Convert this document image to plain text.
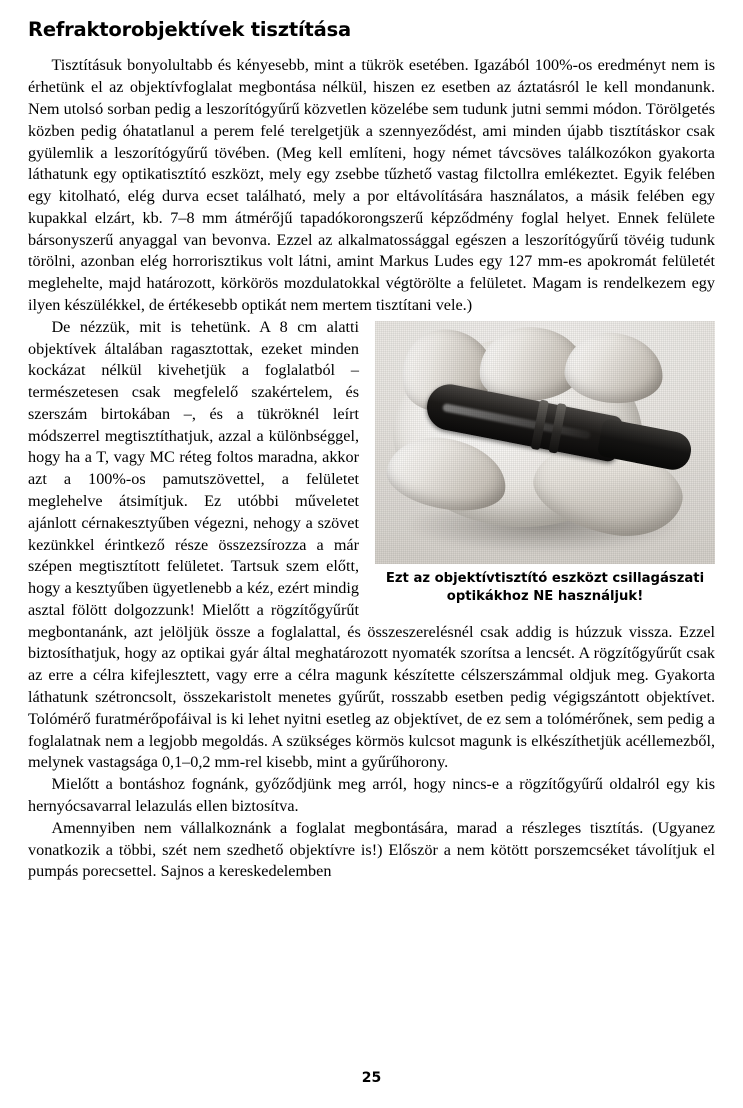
Refraktorobjektívek tisztítása

Tisztításuk bonyolultabb és kényesebb, mint a tükrök esetében. Igazából 100%-os eredményt nem is érhetünk el az objektívfoglalat megbontása nélkül, hiszen ez esetben az áztatásról le kell mondanunk. Nem utolsó sorban pedig a leszorítógyűrű közvetlen közelébe sem tudunk jutni semmi módon. Törölgetés közben pedig óhatatlanul a perem felé terelgetjük a szennyeződést, ami minden újabb tisztításkor csak gyülemlik a leszorítógyűrű tövében. (Meg kell említeni, hogy német távcsöves találkozókon gyakorta láthatunk egy optikatisztító eszközt, mely egy zsebbe tűzhető vastag filctollra emlékeztet. Egyik felében egy kitolható, elég durva ecset található, mely a por eltávolítására használatos, a másik felében egy kupakkal elzárt, kb. 7–8 mm átmérőjű tapadókorongszerű képződmény foglal helyet. Ennek felülete bársonyszerű anyaggal van bevonva. Ezzel az alkalmatossággal egészen a leszorítógyűrű tövéig tudunk törölni, azonban elég horrorisztikus volt látni, amint Markus Ludes egy 127 mm-es apokromát felületét meglehelte, majd határozott, körkörös mozdulatokkal végtörölte a felületet. Magam is rendelkezem egy ilyen készülékkel, de értékesebb optikát nem mertem tisztítani vele.)

Ezt az objektívtisztító eszközt csillagászati
optikákhoz NE használjuk!

De nézzük, mit is tehetünk. A 8 cm alatti objektívek általában ragasztottak, ezeket minden kockázat nélkül kivehetjük a foglalatból – természetesen csak megfelelő szakértelem, és szerszám birtokában –, és a tükröknél leírt módszerrel megtisztíthatjuk, azzal a különbséggel, hogy ha a T, vagy MC réteg foltos maradna, akkor azt a 100%-os pamutszövettel, a felületet meglehelve átsimítjuk. Ez utóbbi műveletet ajánlott cérnakesztyűben végezni, nehogy a szövet kezünkkel érintkező része összezsírozza a már szépen megtisztított felületet. Tartsuk szem előtt, hogy a kesztyűben ügyetlenebb a kéz, ezért mindig asztal fölött dolgozzunk! Mielőtt a rögzítőgyűrűt megbontanánk, azt jelöljük össze a foglalattal, és összeszerelésnél csak addig is húzzuk vissza. Ezzel biztosíthatjuk, hogy az optikai gyár által meghatározott nyomaték szorítsa a lencsét. A rögzítőgyűrűt csak az erre a célra kifejlesztett, vagy erre a célra magunk készítette célszerszámmal oldjuk meg. Gyakorta láthatunk szétroncsolt, összekaristolt menetes gyűrűt, rosszabb esetben pedig végigszántott objektívet. Tolómérő furatmérőpofáival is ki lehet nyitni esetleg az objektívet, de ez sem a tolómérőnek, sem pedig a foglalatnak nem a legjobb megoldás. A szükséges körmös kulcsot magunk is elkészíthetjük acéllemezből, melynek vastagsága 0,1–0,2 mm-rel kisebb, mint a gyűrűhorony.

Mielőtt a bontáshoz fognánk, győződjünk meg arról, hogy nincs-e a rögzítőgyűrű oldalról egy kis hernyócsavarral lelazulás ellen biztosítva.

Amennyiben nem vállalkoznánk a foglalat megbontására, marad a részleges tisztítás. (Ugyanez vonatkozik a többi, szét nem szedhető objektívre is!) Először a nem kötött porszemcséket távolítjuk el pumpás porecsettel. Sajnos a kereskedelemben

25
